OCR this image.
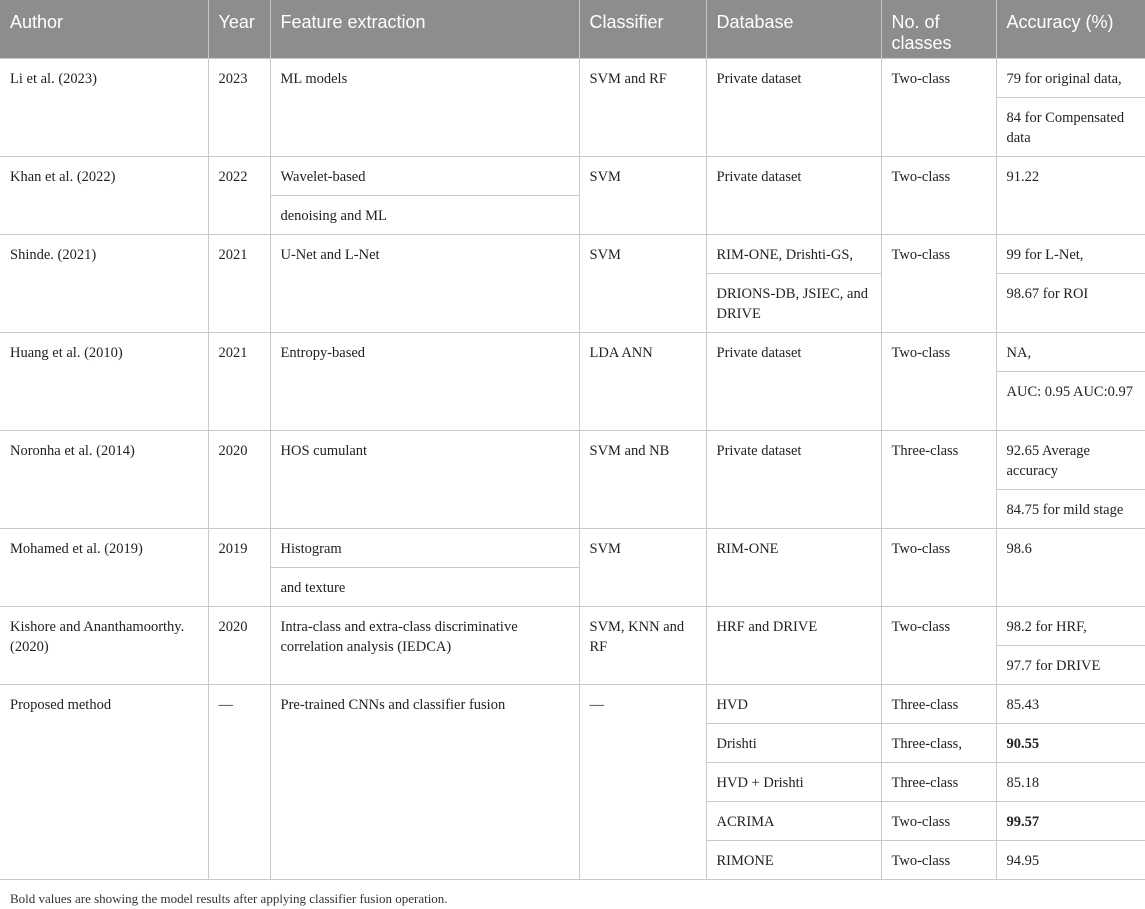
Author	Year	Feature extraction	Classifier	Database	No. of classes	Accuracy (%)
Li et al. (2023)	2023	ML models	SVM and RF	Private dataset	Two-class	79 for original data,
						84 for Compensated data
Khan et al. (2022)	2022	Wavelet-based	SVM	Private dataset	Two-class	91.22
		denoising and ML				
Shinde. (2021)	2021	U-Net and L-Net	SVM	RIM-ONE, Drishti-GS,	Two-class	99 for L-Net,
				DRIONS-DB, JSIEC, and DRIVE		98.67 for ROI
Huang et al. (2010)	2021	Entropy-based	LDA ANN	Private dataset	Two-class	NA,
						AUC: 0.95 AUC:0.97
Noronha et al. (2014)	2020	HOS cumulant	SVM and NB	Private dataset	Three-class	92.65 Average accuracy
						84.75 for mild stage
Mohamed et al. (2019)	2019	Histogram	SVM	RIM-ONE	Two-class	98.6
		and texture				
Kishore and Ananthamoorthy. (2020)	2020	Intra-class and extra-class discriminative correlation analysis (IEDCA)	SVM, KNN and RF	HRF and DRIVE	Two-class	98.2 for HRF,
						97.7 for DRIVE
Proposed method	—	Pre-trained CNNs and classifier fusion	—	HVD	Three-class	85.43
				Drishti	Three-class,	90.55
				HVD + Drishti	Three-class	85.18
				ACRIMA	Two-class	99.57
				RIMONE	Two-class	94.95
Bold values are showing the model results after applying classifier fusion operation.
